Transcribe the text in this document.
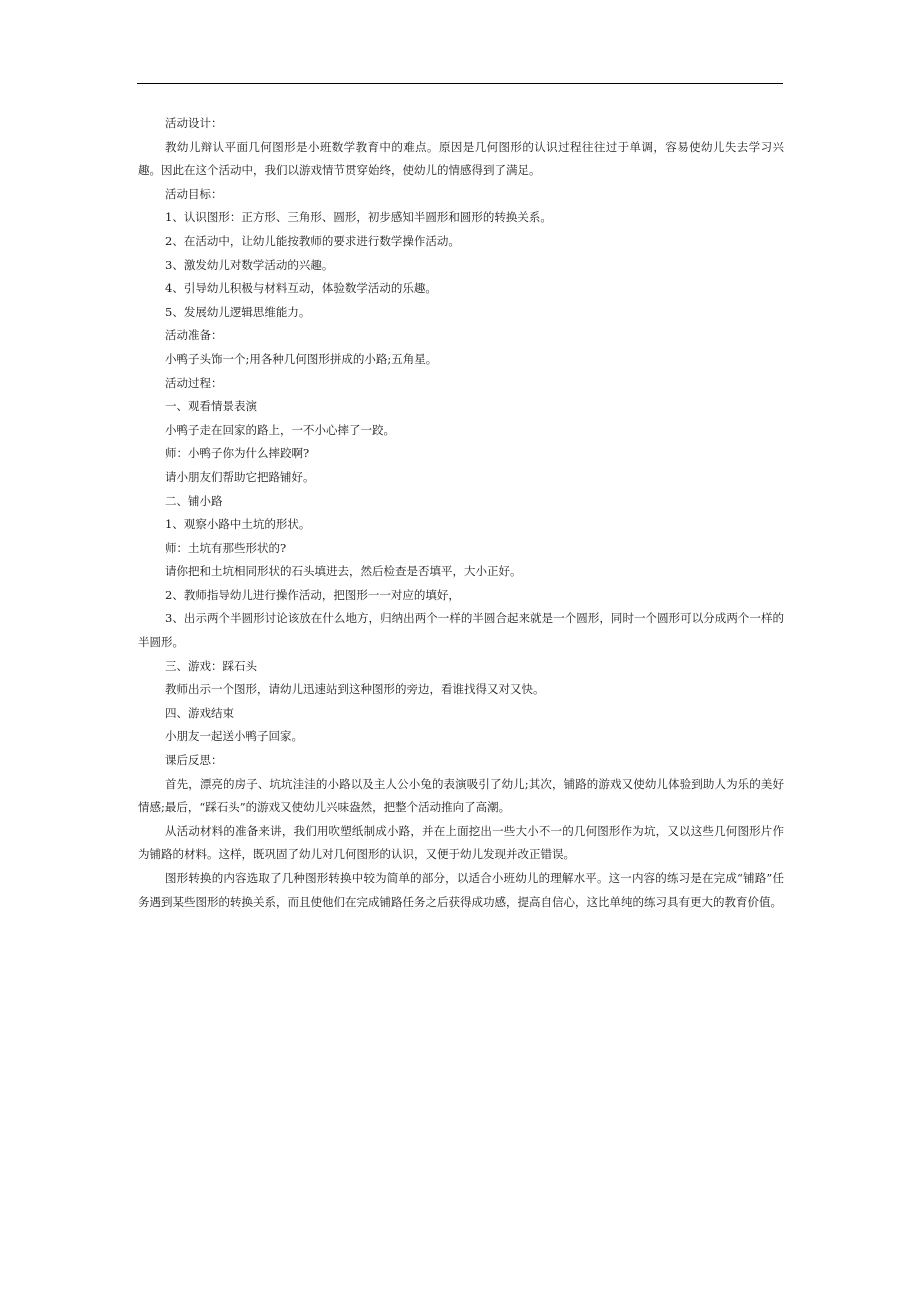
活动设计：

教幼儿辩认平面几何图形是小班数学教育中的难点。原因是几何图形的认识过程往往过于单调，容易使幼儿失去学习兴趣。因此在这个活动中，我们以游戏情节贯穿始终，使幼儿的情感得到了满足。

活动目标：

1、认识图形：正方形、三角形、圆形，初步感知半圆形和圆形的转换关系。

2、在活动中，让幼儿能按教师的要求进行数学操作活动。

3、激发幼儿对数学活动的兴趣。

4、引导幼儿积极与材料互动，体验数学活动的乐趣。

5、发展幼儿逻辑思维能力。

活动准备：

小鸭子头饰一个;用各种几何图形拼成的小路;五角星。

活动过程：

一、观看情景表演

小鸭子走在回家的路上，一不小心摔了一跤。

师：小鸭子你为什么摔跤啊?

请小朋友们帮助它把路铺好。

二、铺小路

1、观察小路中土坑的形状。

师：土坑有那些形状的?

请你把和土坑相同形状的石头填进去，然后检查是否填平，大小正好。

2、教师指导幼儿进行操作活动，把图形一一对应的填好，

3、出示两个半圆形讨论该放在什么地方，归纳出两个一样的半圆合起来就是一个圆形，同时一个圆形可以分成两个一样的半圆形。

三、游戏：踩石头

教师出示一个图形，请幼儿迅速站到这种图形的旁边，看谁找得又对又快。

四、游戏结束

小朋友一起送小鸭子回家。

课后反思：

首先，漂亮的房子、坑坑洼洼的小路以及主人公小兔的表演吸引了幼儿;其次，铺路的游戏又使幼儿体验到助人为乐的美好情感;最后，“踩石头”的游戏又使幼儿兴味盎然，把整个活动推向了高潮。

从活动材料的准备来讲，我们用吹塑纸制成小路，并在上面挖出一些大小不一的几何图形作为坑，又以这些几何图形片作为铺路的材料。这样，既巩固了幼儿对几何图形的认识，又便于幼儿发现并改正错误。

图形转换的内容选取了几种图形转换中较为简单的部分，以适合小班幼儿的理解水平。这一内容的练习是在完成“铺路”任务遇到某些图形的转换关系，而且使他们在完成铺路任务之后获得成功感，提高自信心，这比单纯的练习具有更大的教育价值。
